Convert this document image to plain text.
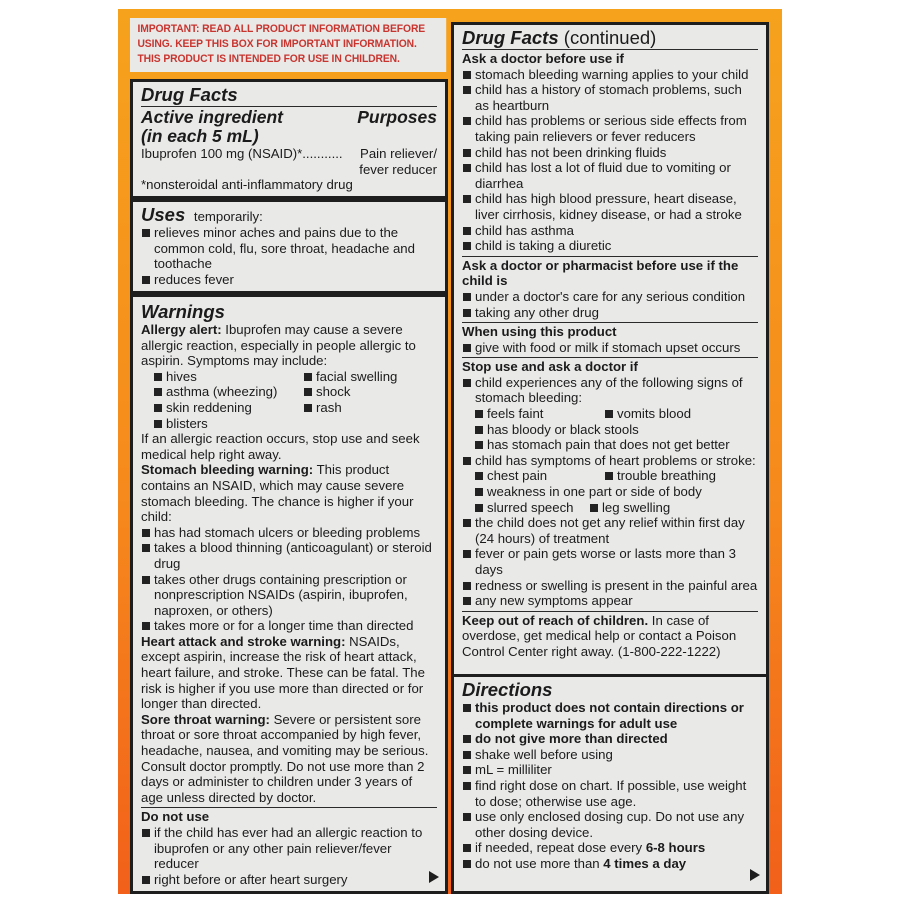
IMPORTANT: READ ALL PRODUCT INFORMATION BEFORE
USING. KEEP THIS BOX FOR IMPORTANT INFORMATION.
THIS PRODUCT IS INTENDED FOR USE IN CHILDREN.
Drug Facts
Active ingredient	Purposes
(in each 5 mL)
Ibuprofen 100 mg (NSAID)*........... Pain reliever/
fever reducer
*nonsteroidal anti-inflammatory drug
Uses temporarily:
relieves minor aches and pains due to the common cold, flu, sore throat, headache and toothache
reduces fever
Warnings
Allergy alert: Ibuprofen may cause a severe allergic reaction, especially in people allergic to aspirin. Symptoms may include:
hives	facial swelling
asthma (wheezing)	shock
skin reddening	rash
blisters
If an allergic reaction occurs, stop use and seek medical help right away.
Stomach bleeding warning: This product contains an NSAID, which may cause severe stomach bleeding. The chance is higher if your child:
has had stomach ulcers or bleeding problems
takes a blood thinning (anticoagulant) or steroid drug
takes other drugs containing prescription or nonprescription NSAIDs (aspirin, ibuprofen, naproxen, or others)
takes more or for a longer time than directed
Heart attack and stroke warning: NSAIDs, except aspirin, increase the risk of heart attack, heart failure, and stroke. These can be fatal. The risk is higher if you use more than directed or for longer than directed.
Sore throat warning: Severe or persistent sore throat or sore throat accompanied by high fever, headache, nausea, and vomiting may be serious. Consult doctor promptly. Do not use more than 2 days or administer to children under 3 years of age unless directed by doctor.
Do not use
if the child has ever had an allergic reaction to ibuprofen or any other pain reliever/fever reducer
right before or after heart surgery
Drug Facts (continued)
Ask a doctor before use if
stomach bleeding warning applies to your child
child has a history of stomach problems, such as heartburn
child has problems or serious side effects from taking pain relievers or fever reducers
child has not been drinking fluids
child has lost a lot of fluid due to vomiting or diarrhea
child has high blood pressure, heart disease, liver cirrhosis, kidney disease, or had a stroke
child has asthma
child is taking a diuretic
Ask a doctor or pharmacist before use if the child is
under a doctor's care for any serious condition
taking any other drug
When using this product
give with food or milk if stomach upset occurs
Stop use and ask a doctor if
child experiences any of the following signs of stomach bleeding:
feels faint	vomits blood
has bloody or black stools
has stomach pain that does not get better
child has symptoms of heart problems or stroke:
chest pain	trouble breathing
weakness in one part or side of body
slurred speech	leg swelling
the child does not get any relief within first day (24 hours) of treatment
fever or pain gets worse or lasts more than 3 days
redness or swelling is present in the painful area
any new symptoms appear
Keep out of reach of children. In case of overdose, get medical help or contact a Poison Control Center right away. (1-800-222-1222)
Directions
this product does not contain directions or complete warnings for adult use
do not give more than directed
shake well before using
mL = milliliter
find right dose on chart. If possible, use weight to dose; otherwise use age.
use only enclosed dosing cup. Do not use any other dosing device.
if needed, repeat dose every 6-8 hours
do not use more than 4 times a day
